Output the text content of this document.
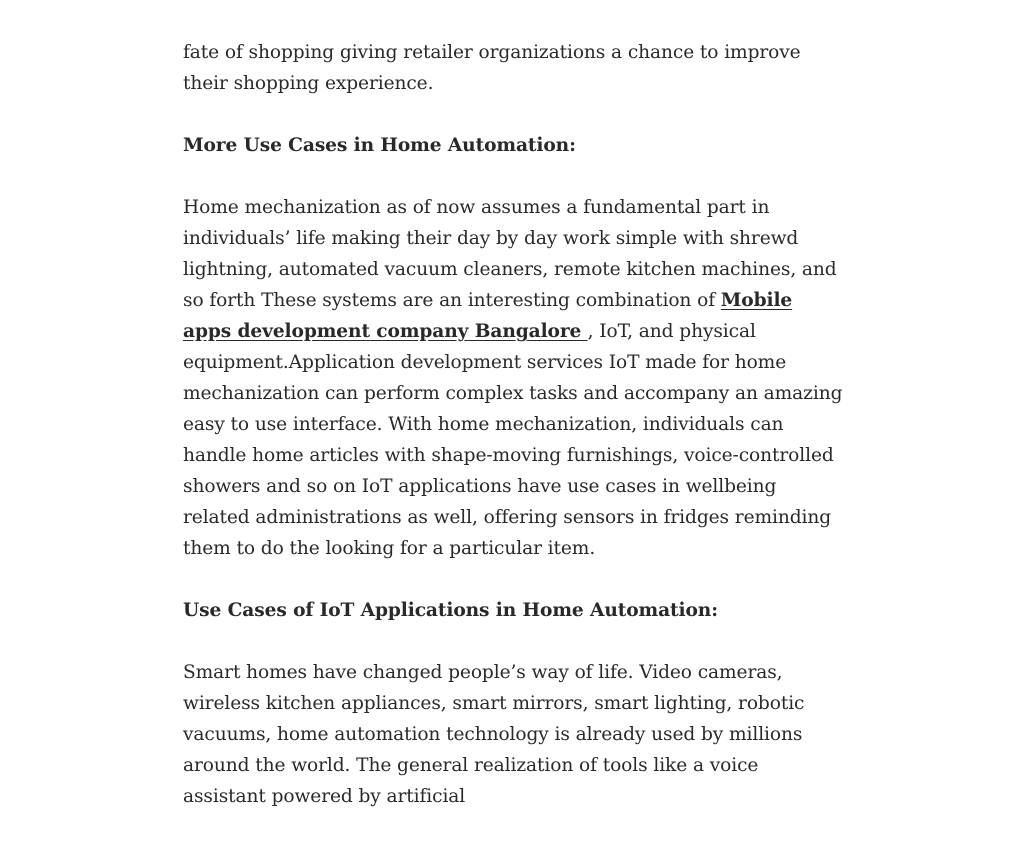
fate of shopping giving retailer organizations a chance to improve their shopping experience.

More Use Cases in Home Automation:

Home mechanization as of now assumes a fundamental part in individuals’ life making their day by day work simple with shrewd lightning, automated vacuum cleaners, remote kitchen machines, and so forth These systems are an interesting combination of Mobile apps development company Bangalore , IoT, and physical equipment.Application development services IoT made for home mechanization can perform complex tasks and accompany an amazing easy to use interface. With home mechanization, individuals can handle home articles with shape-moving furnishings, voice-controlled showers and so on IoT applications have use cases in wellbeing related administrations as well, offering sensors in fridges reminding them to do the looking for a particular item.

Use Cases of IoT Applications in Home Automation:

Smart homes have changed people’s way of life. Video cameras, wireless kitchen appliances, smart mirrors, smart lighting, robotic vacuums, home automation technology is already used by millions around the world. The general realization of tools like a voice assistant powered by artificial
